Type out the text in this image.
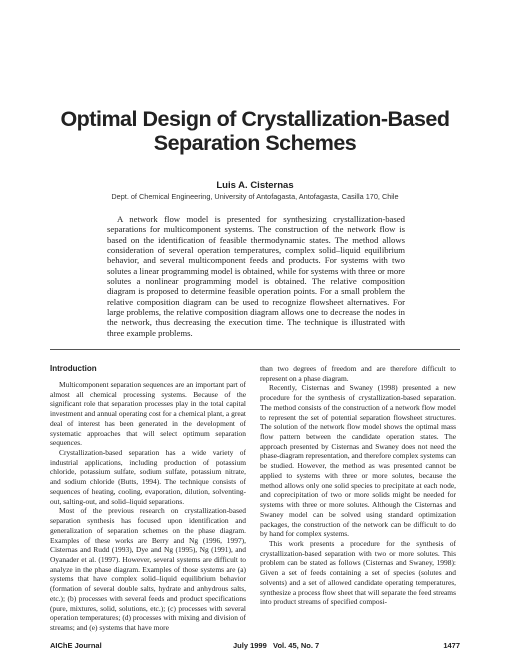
Optimal Design of Crystallization-Based Separation Schemes
Luis A. Cisternas
Dept. of Chemical Engineering, University of Antofagasta, Antofagasta, Casilla 170, Chile

A network flow model is presented for synthesizing crystallization-based separations for multicomponent systems. The construction of the network flow is based on the identification of feasible thermodynamic states. The method allows consideration of several operation temperatures, complex solid–liquid equilibrium behavior, and several multicomponent feeds and products. For systems with two solutes a linear programming model is obtained, while for systems with three or more solutes a nonlinear programming model is obtained. The relative composition diagram is proposed to determine feasible operation points. For a small problem the relative composition diagram can be used to recognize flowsheet alternatives. For large problems, the relative composition diagram allows one to decrease the nodes in the network, thus decreasing the execution time. The technique is illustrated with three example problems.

Introduction

Multicomponent separation sequences are an important part of almost all chemical processing systems. Because of the significant role that separation processes play in the total capital investment and annual operating cost for a chemical plant, a great deal of interest has been generated in the development of systematic approaches that will select optimum separation sequences.

Crystallization-based separation has a wide variety of industrial applications, including production of potassium chloride, potassium sulfate, sodium sulfate, potassium nitrate, and sodium chloride (Butts, 1994). The technique consists of sequences of heating, cooling, evaporation, dilution, solventing-out, salting-out, and solid–liquid separations.

Most of the previous research on crystallization-based separation synthesis has focused upon identification and generalization of separation schemes on the phase diagram. Examples of these works are Berry and Ng (1996, 1997), Cisternas and Rudd (1993), Dye and Ng (1995), Ng (1991), and Oyanader et al. (1997). However, several systems are difficult to analyze in the phase diagram. Examples of those systems are (a) systems that have complex solid–liquid equilibrium behavior (formation of several double salts, hydrate and anhydrous salts, etc.); (b) processes with several feeds and product specifications (pure, mixtures, solid, solutions, etc.); (c) processes with several operation temperatures; (d) processes with mixing and division of streams; and (e) systems that have more

than two degrees of freedom and are therefore difficult to represent on a phase diagram.

Recently, Cisternas and Swaney (1998) presented a new procedure for the synthesis of crystallization-based separation. The method consists of the construction of a network flow model to represent the set of potential separation flowsheet structures. The solution of the network flow model shows the optimal mass flow pattern between the candidate operation states. The approach presented by Cisternas and Swaney does not need the phase-diagram representation, and therefore complex systems can be studied. However, the method as was presented cannot be applied to systems with three or more solutes, because the method allows only one solid species to precipitate at each node, and coprecipitation of two or more solids might be needed for systems with three or more solutes. Although the Cisternas and Swaney model can be solved using standard optimization packages, the construction of the network can be difficult to do by hand for complex systems.

This work presents a procedure for the synthesis of crystallization-based separation with two or more solutes. This problem can be stated as follows (Cisternas and Swaney, 1998): Given a set of feeds containing a set of species (solutes and solvents) and a set of allowed candidate operating temperatures, synthesize a process flow sheet that will separate the feed streams into product streams of specified composi-

AIChE Journal	July 1999   Vol. 45, No. 7	1477
